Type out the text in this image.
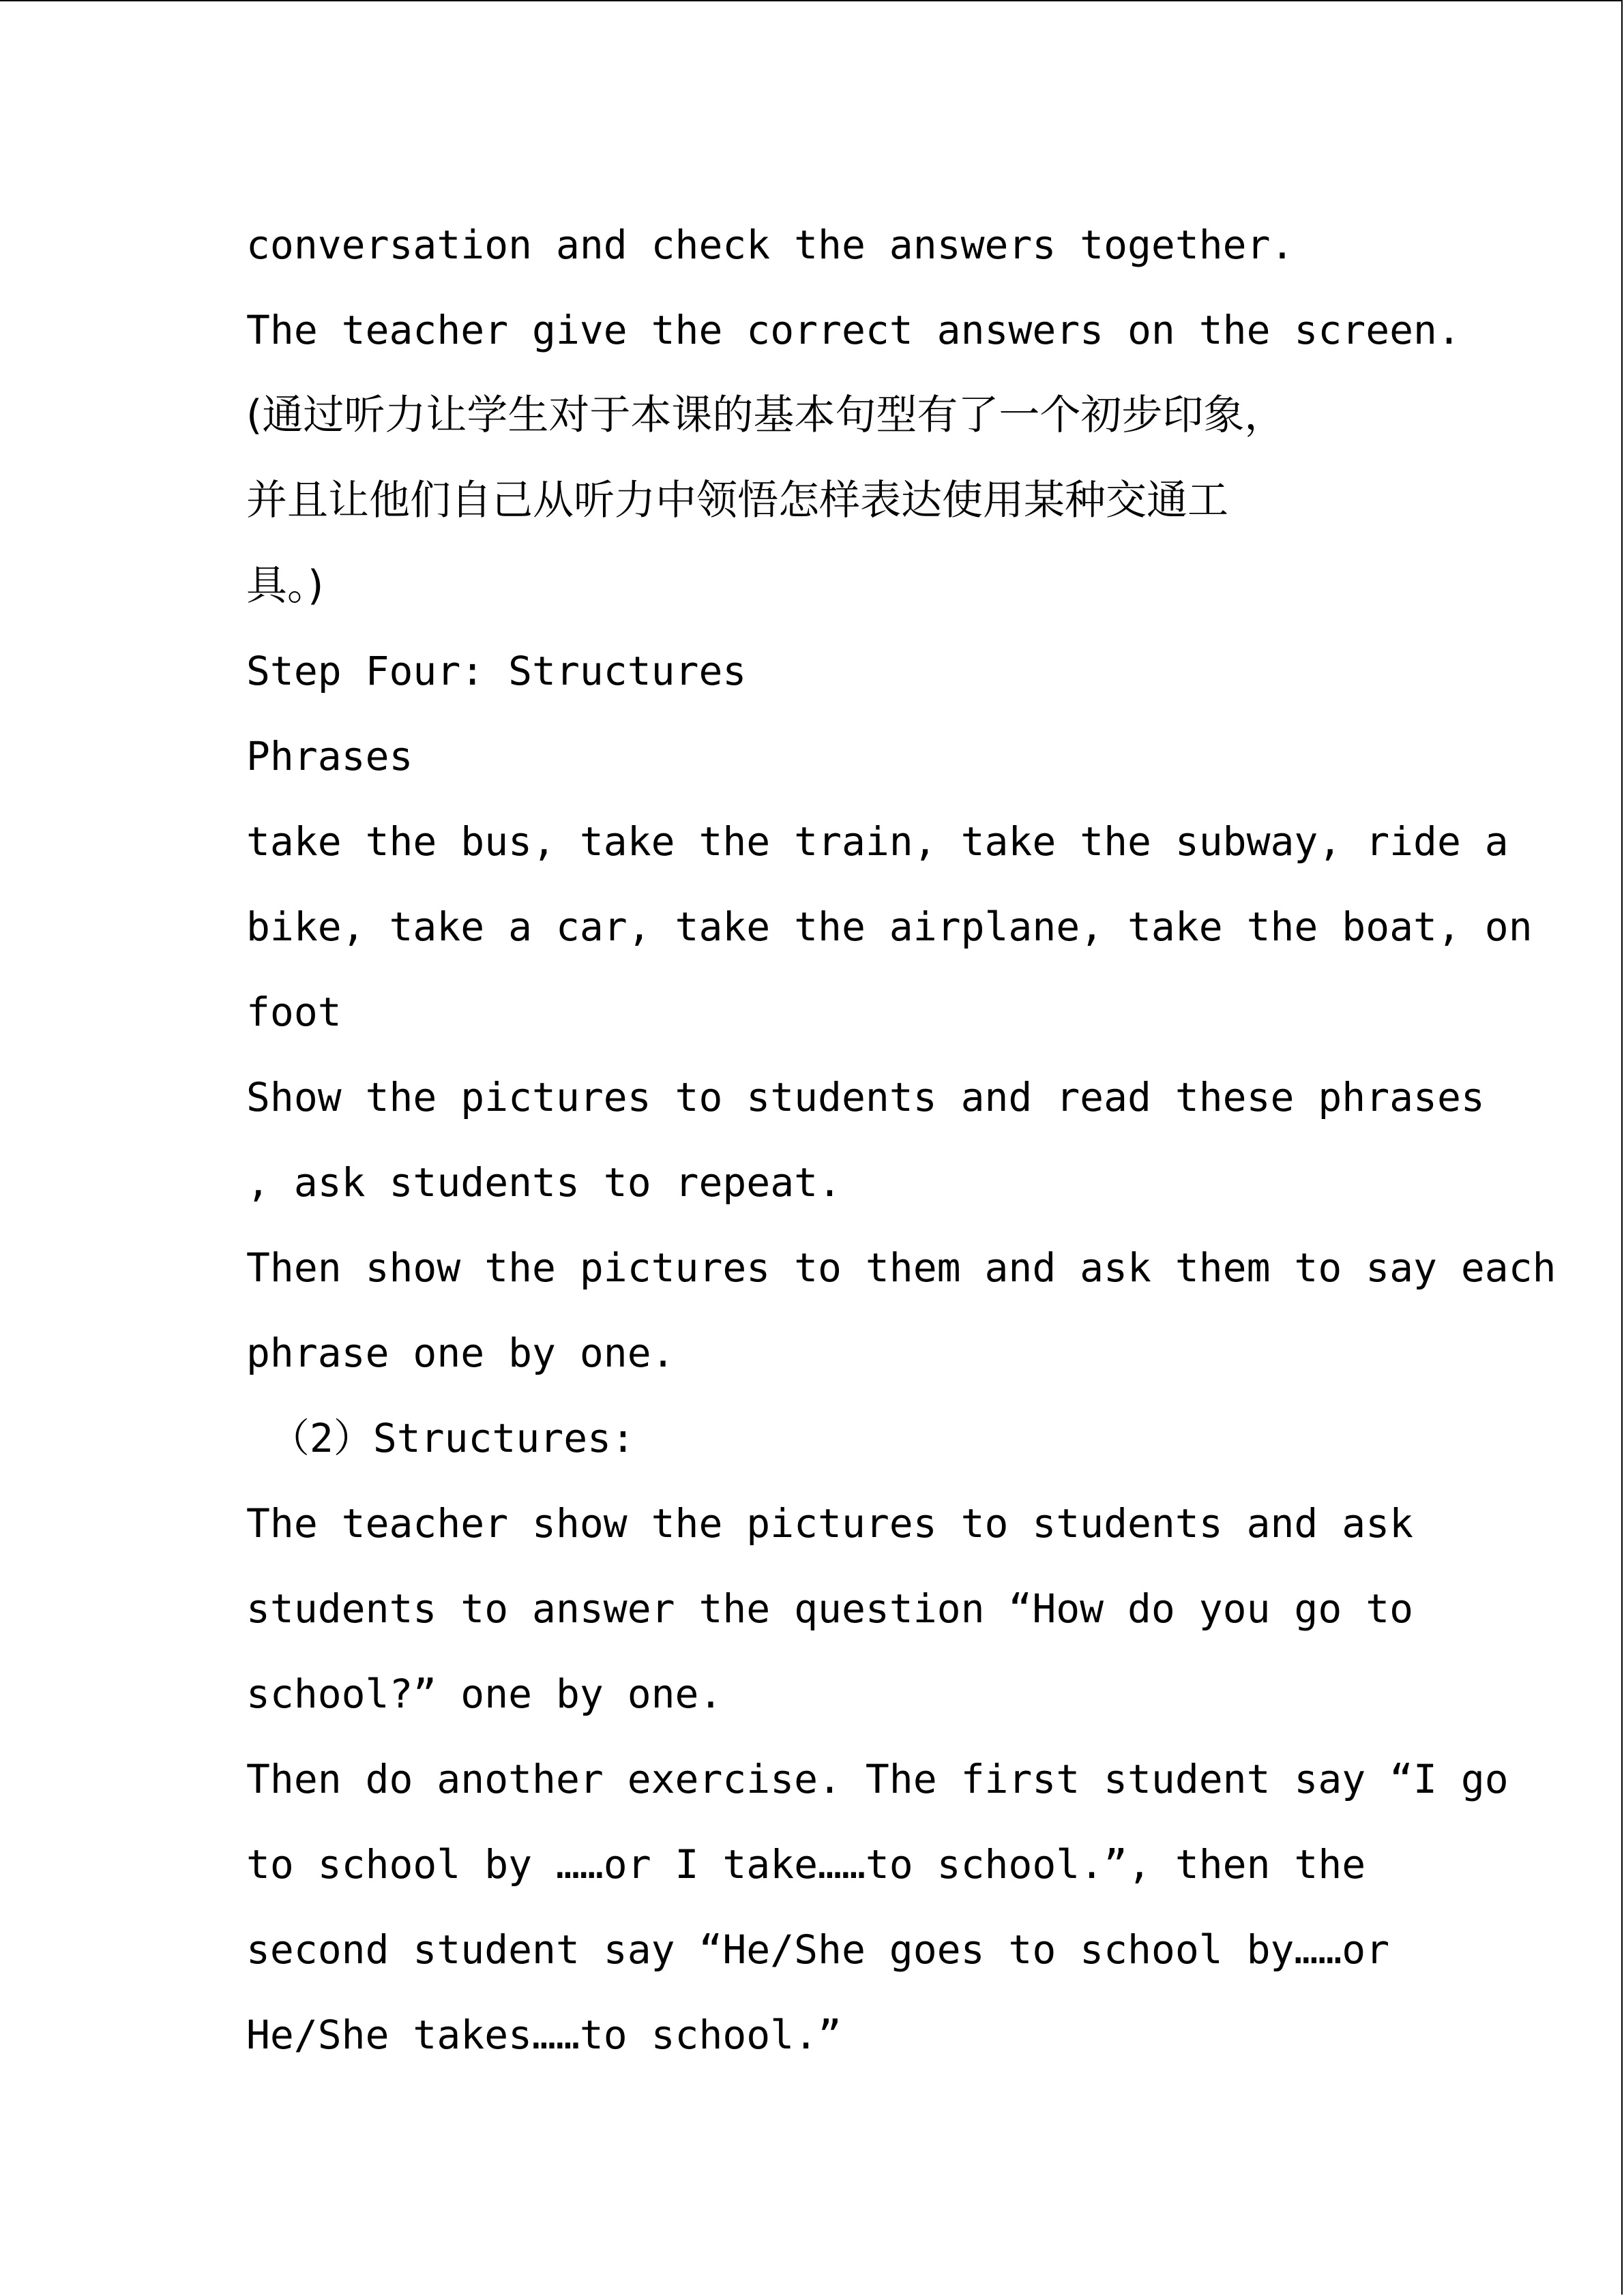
conversation and check the answers together.

The teacher give the correct answers on the screen.

(通过听力让学生对于本课的基本句型有了一个初步印象，

并且让他们自己从听力中领悟怎样表达使用某种交通工

具。)

Step Four: Structures

Phrases

take the bus, take the train, take the subway, ride a

bike, take a car, take the airplane, take the boat, on

foot

Show the pictures to students and read these phrases

, ask students to repeat.

Then show the pictures to them and ask them to say each

phrase one by one.

（2）Structures:

The teacher show the pictures to students and ask

students to answer the question “How do you go to

school?” one by one.

Then do another exercise. The first student say “I go

to school by ……or I take……to school.”, then the

second student say “He/She goes to school by……or

He/She takes……to school.”
